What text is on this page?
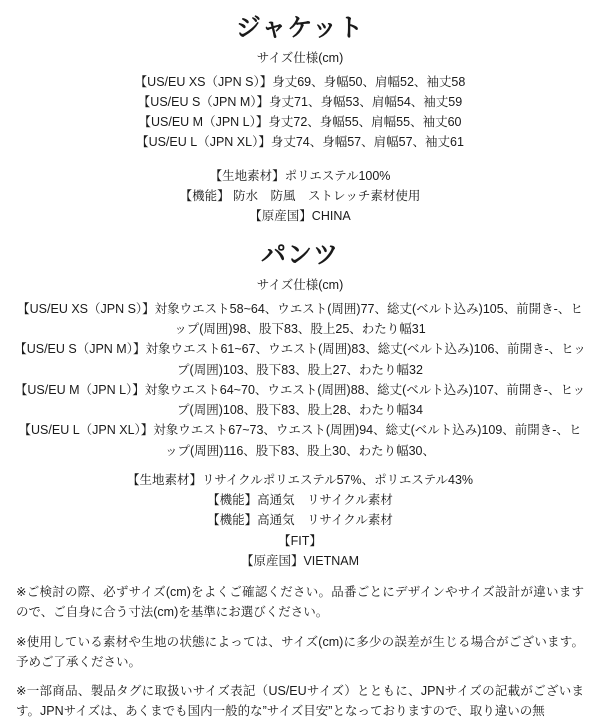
ジャケット
サイズ仕様(cm)
【US/EU XS（JPN S）】身丈69、身幅50、肩幅52、袖丈58
【US/EU S（JPN M）】身丈71、身幅53、肩幅54、袖丈59
【US/EU M（JPN L）】身丈72、身幅55、肩幅55、袖丈60
【US/EU L（JPN XL）】身丈74、身幅57、肩幅57、袖丈61
【生地素材】ポリエステル100%
【機能】 防水　防風　ストレッチ素材使用
【原産国】CHINA
パンツ
サイズ仕様(cm)
【US/EU XS（JPN S）】対象ウエスト58~64、ウエスト(周囲)77、総丈(ベルト込み)105、前開き-、ヒップ(周囲)98、股下83、股上25、わたり幅31
【US/EU S（JPN M）】対象ウエスト61~67、ウエスト(周囲)83、総丈(ベルト込み)106、前開き-、ヒップ(周囲)103、股下83、股上27、わたり幅32
【US/EU M（JPN L）】対象ウエスト64~70、ウエスト(周囲)88、総丈(ベルト込み)107、前開き-、ヒップ(周囲)108、股下83、股上28、わたり幅34
【US/EU L（JPN XL）】対象ウエスト67~73、ウエスト(周囲)94、総丈(ベルト込み)109、前開き-、ヒップ(周囲)116、股下83、股上30、わたり幅30、
【生地素材】リサイクルポリエステル57%、ポリエステル43%
【機能】高通気　リサイクル素材
【機能】高通気　リサイクル素材
【FIT】
【原産国】VIETNAM

※ご検討の際、必ずサイズ(cm)をよくご確認ください。品番ごとにデザインやサイズ設計が違いますので、ご自身に合う寸法(cm)を基準にお選びください。

※使用している素材や生地の状態によっては、サイズ(cm)に多少の誤差が生じる場合がございます。予めご了承ください。

※一部商品、製品タグに取扱いサイズ表記（US/EUサイズ）とともに、JPNサイズの記載がございます。JPNサイズは、あくまでも国内一般的な”サイズ目安”となっておりますので、取り違いの無
